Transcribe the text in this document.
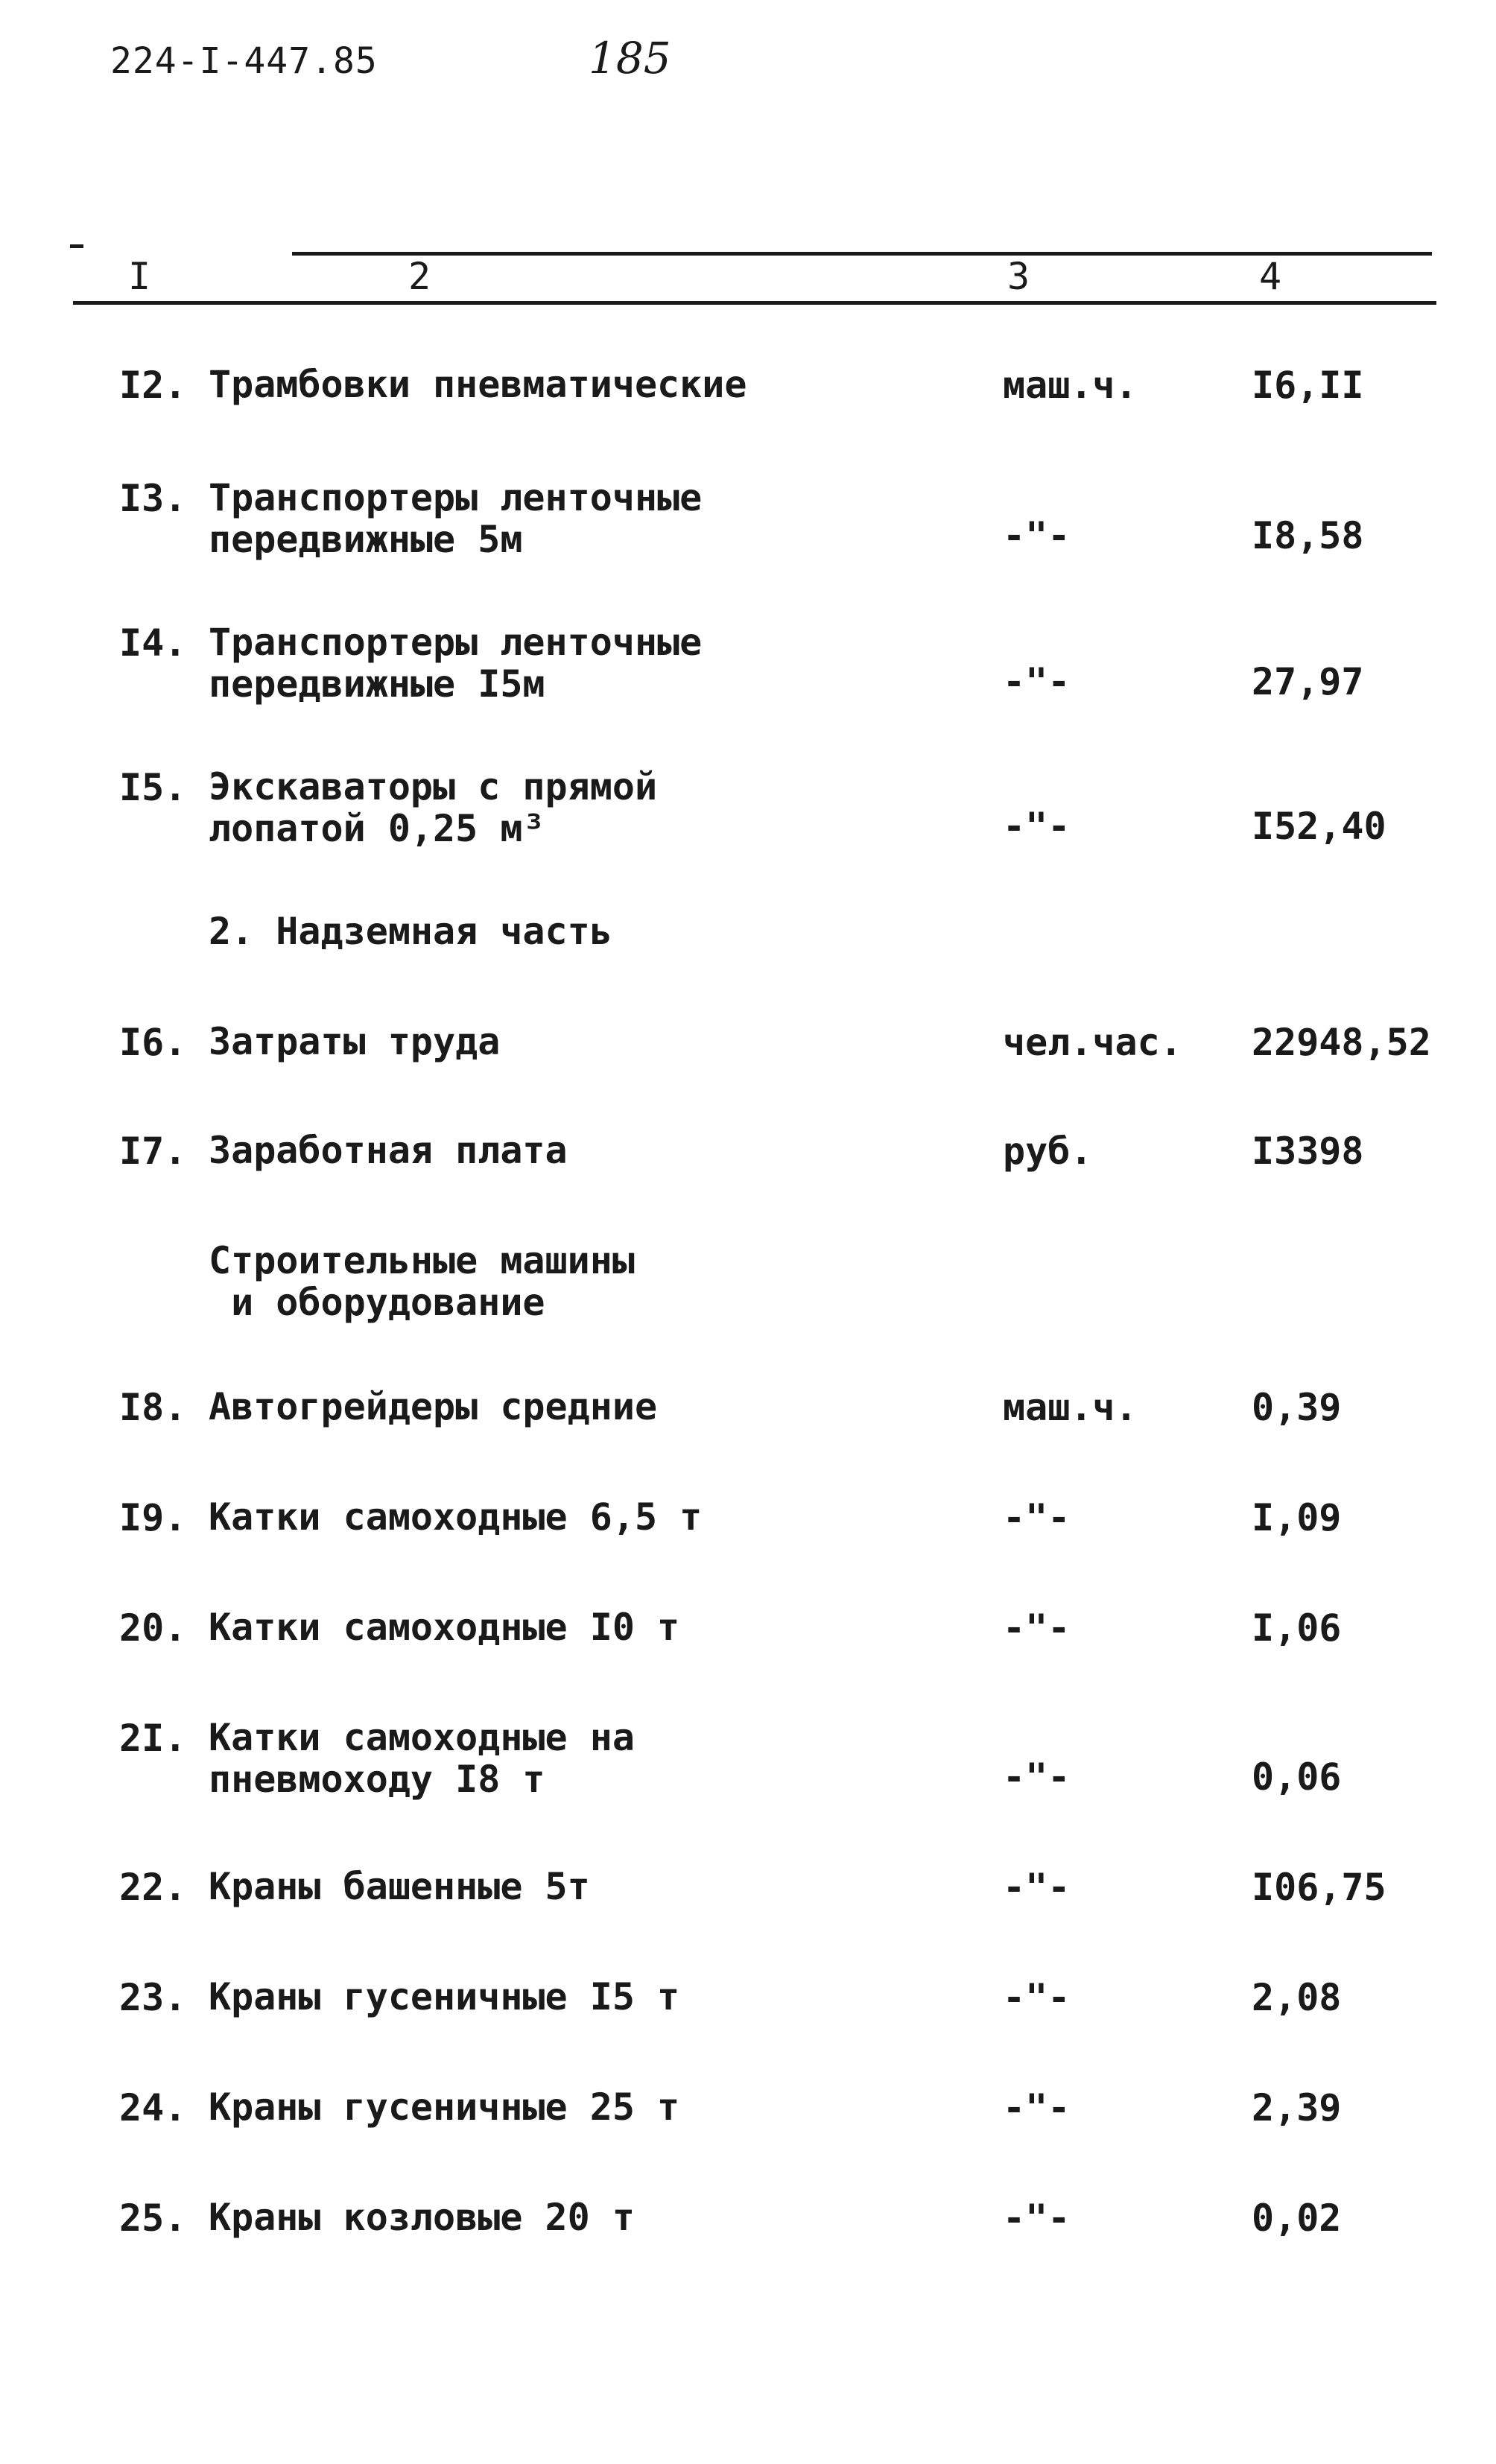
224-I-447.85	185
I	2	3	4
I2. Трамбовки пневматические	маш.ч.	I6,II
I3. Транспортеры ленточные
передвижные 5м	-"-	I8,58
I4. Транспортеры ленточные
передвижные I5м	-"-	27,97
I5. Экскаваторы с прямой
лопатой 0,25 м³	-"-	I52,40
2. Надземная часть
I6. Затраты труда	чел.час. 22948,52
I7. Заработная плата	руб.	I3398
Строительные машины
и оборудование
I8. Автогрейдеры средние	маш.ч.	0,39
I9. Катки самоходные 6,5 т	-"-	I,09
20. Катки самоходные I0 т	-"-	I,06
2I. Катки самоходные на
пневмоходу I8 т	-"-	0,06
22. Краны башенные 5т	-"-	I06,75
23. Краны гусеничные I5 т	-"-	2,08
24. Краны гусеничные 25 т	-"-	2,39
25. Краны козловые 20 т	-"-	0,02
